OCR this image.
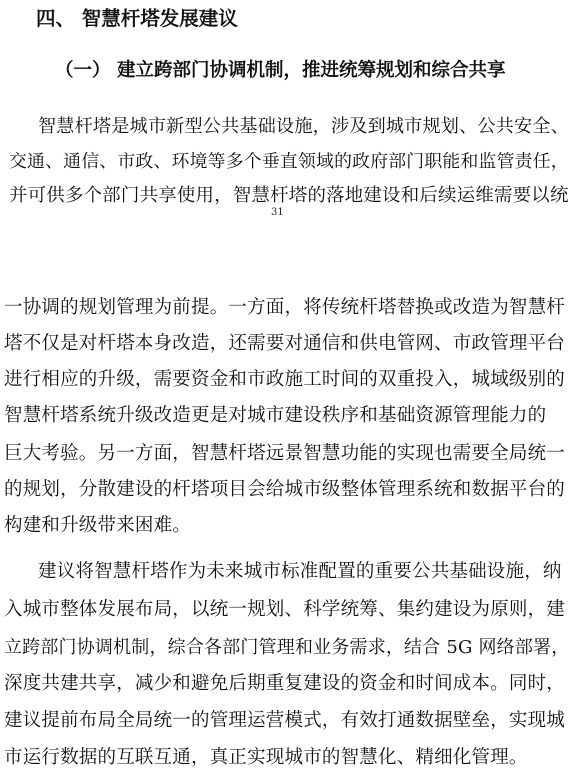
四、 智慧杆塔发展建议
（一） 建立跨部门协调机制，推进统筹规划和综合共享
智慧杆塔是城市新型公共基础设施，涉及到城市规划、公共安全、
交通、通信、市政、环境等多个垂直领域的政府部门职能和监管责任，
并可供多个部门共享使用，智慧杆塔的落地建设和后续运维需要以统
31
一协调的规划管理为前提。一方面，将传统杆塔替换或改造为智慧杆
塔不仅是对杆塔本身改造，还需要对通信和供电管网、市政管理平台
进行相应的升级，需要资金和市政施工时间的双重投入，城域级别的
智慧杆塔系统升级改造更是对城市建设秩序和基础资源管理能力的
巨大考验。另一方面，智慧杆塔远景智慧功能的实现也需要全局统一
的规划，分散建设的杆塔项目会给城市级整体管理系统和数据平台的
构建和升级带来困难。
建议将智慧杆塔作为未来城市标准配置的重要公共基础设施，纳
入城市整体发展布局，以统一规划、科学统筹、集约建设为原则，建
立跨部门协调机制，综合各部门管理和业务需求，结合 5G 网络部署，
深度共建共享，减少和避免后期重复建设的资金和时间成本。同时，
建议提前布局全局统一的管理运营模式，有效打通数据壁垒，实现城
市运行数据的互联互通，真正实现城市的智慧化、精细化管理。
